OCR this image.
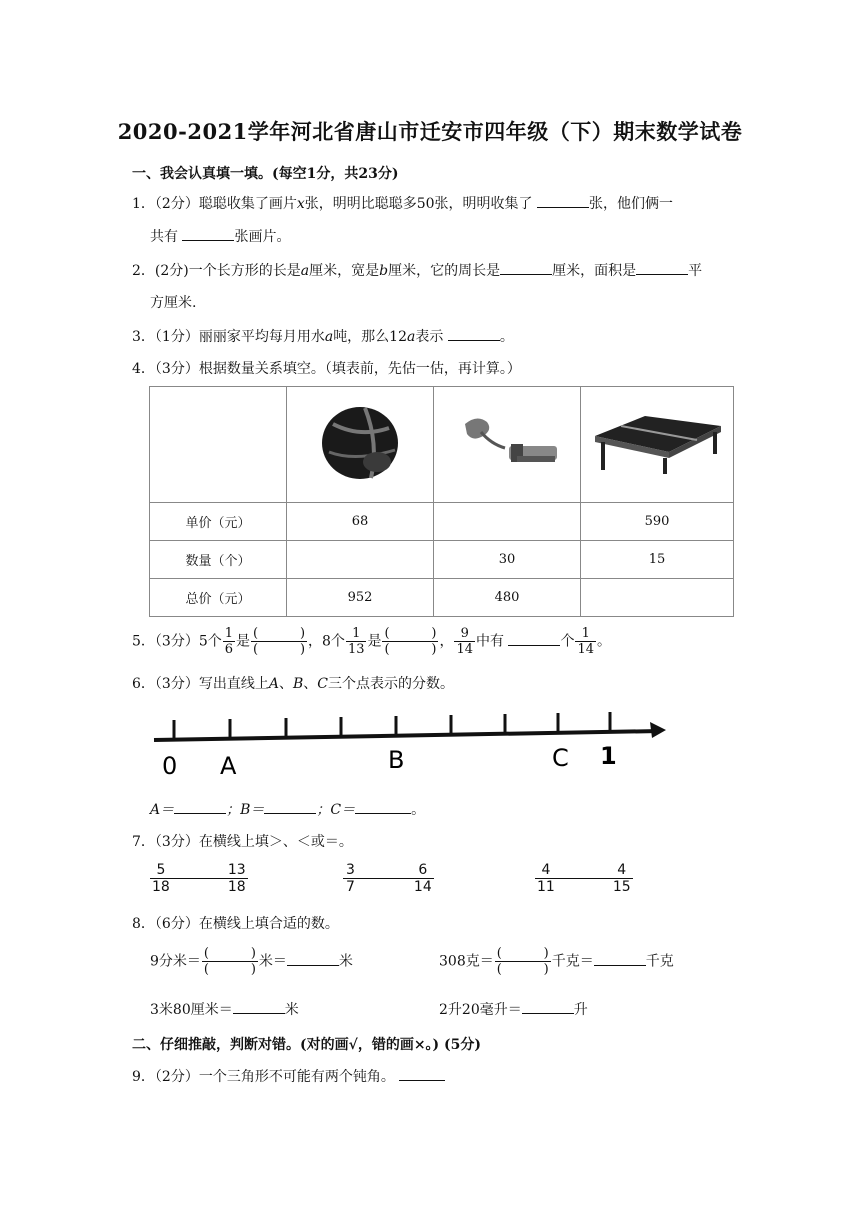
2020-2021学年河北省唐山市迁安市四年级（下）期末数学试卷
一、我会认真填一填。(每空1分，共23分)
1．（2分）聪聪收集了画片x张，明明比聪聪多50张，明明收集了	张，他们俩一
共有	张画片。
2．(2分)一个长方形的长是a厘米，宽是b厘米，它的周长是	厘米，面积是	平
方厘米.
3．（1分）丽丽家平均每月用水a吨，那么12a表示	。
4．（3分）根据数量关系填空。（填表前，先估一估，再计算。）

单价（元）	68		590
数量（个）		30	15
总价（元）	952	480	
5．（3分）5个 $\frac{1}{6}$ 是 (	)
(	) ，8个 $\frac{1}{13}$ 是 (	)
(	) ， $\frac{9}{14}$ 中有	个 $\frac{1}{14}$ 。
6．（3分）写出直线上A、B、C三个点表示的分数。
0 A	B	C 1
A＝	；B＝	；C＝	。
7．（3分）在横线上填＞、＜或＝。
5
18
13
18
3
7
6
14
4
11
4
15
8．（6分）在横线上填合适的数。
9分米＝ (	)
(	) 米＝	米	308克＝ (	)
(	) 千克＝	千克
3米80厘米＝	米	2升20毫升＝	升
二、仔细推敲，判断对错。(对的画√，错的画×。) (5分)
9．（2分）一个三角形不可能有两个钝角。
